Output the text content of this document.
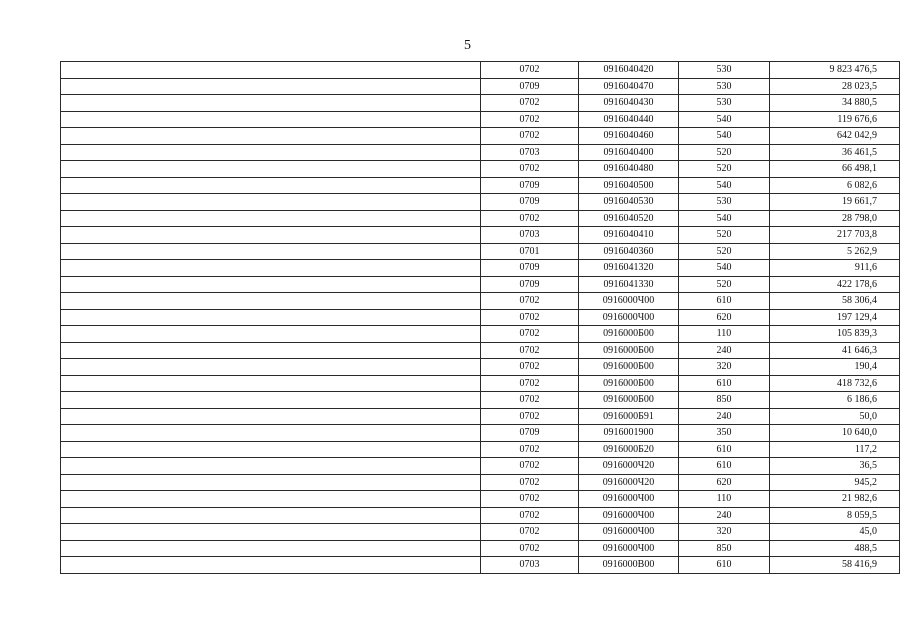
5
	0702	0916040420	530	9 823 476,5
	0709	0916040470	530	28 023,5
	0702	0916040430	530	34 880,5
	0702	0916040440	540	119 676,6
	0702	0916040460	540	642 042,9
	0703	0916040400	520	36 461,5
	0702	0916040480	520	66 498,1
	0709	0916040500	540	6 082,6
	0709	0916040530	530	19 661,7
	0702	0916040520	540	28 798,0
	0703	0916040410	520	217 703,8
	0701	0916040360	520	5 262,9
	0709	0916041320	540	911,6
	0709	0916041330	520	422 178,6
	0702	0916000Ч00	610	58 306,4
	0702	0916000Ч00	620	197 129,4
	0702	0916000Б00	110	105 839,3
	0702	0916000Б00	240	41 646,3
	0702	0916000Б00	320	190,4
	0702	0916000Б00	610	418 732,6
	0702	0916000Б00	850	6 186,6
	0702	0916000Б91	240	50,0
	0709	0916001900	350	10 640,0
	0702	0916000Б20	610	117,2
	0702	0916000Ч20	610	36,5
	0702	0916000Ч20	620	945,2
	0702	0916000Ч00	110	21 982,6
	0702	0916000Ч00	240	8 059,5
	0702	0916000Ч00	320	45,0
	0702	0916000Ч00	850	488,5
	0703	0916000В00	610	58 416,9
